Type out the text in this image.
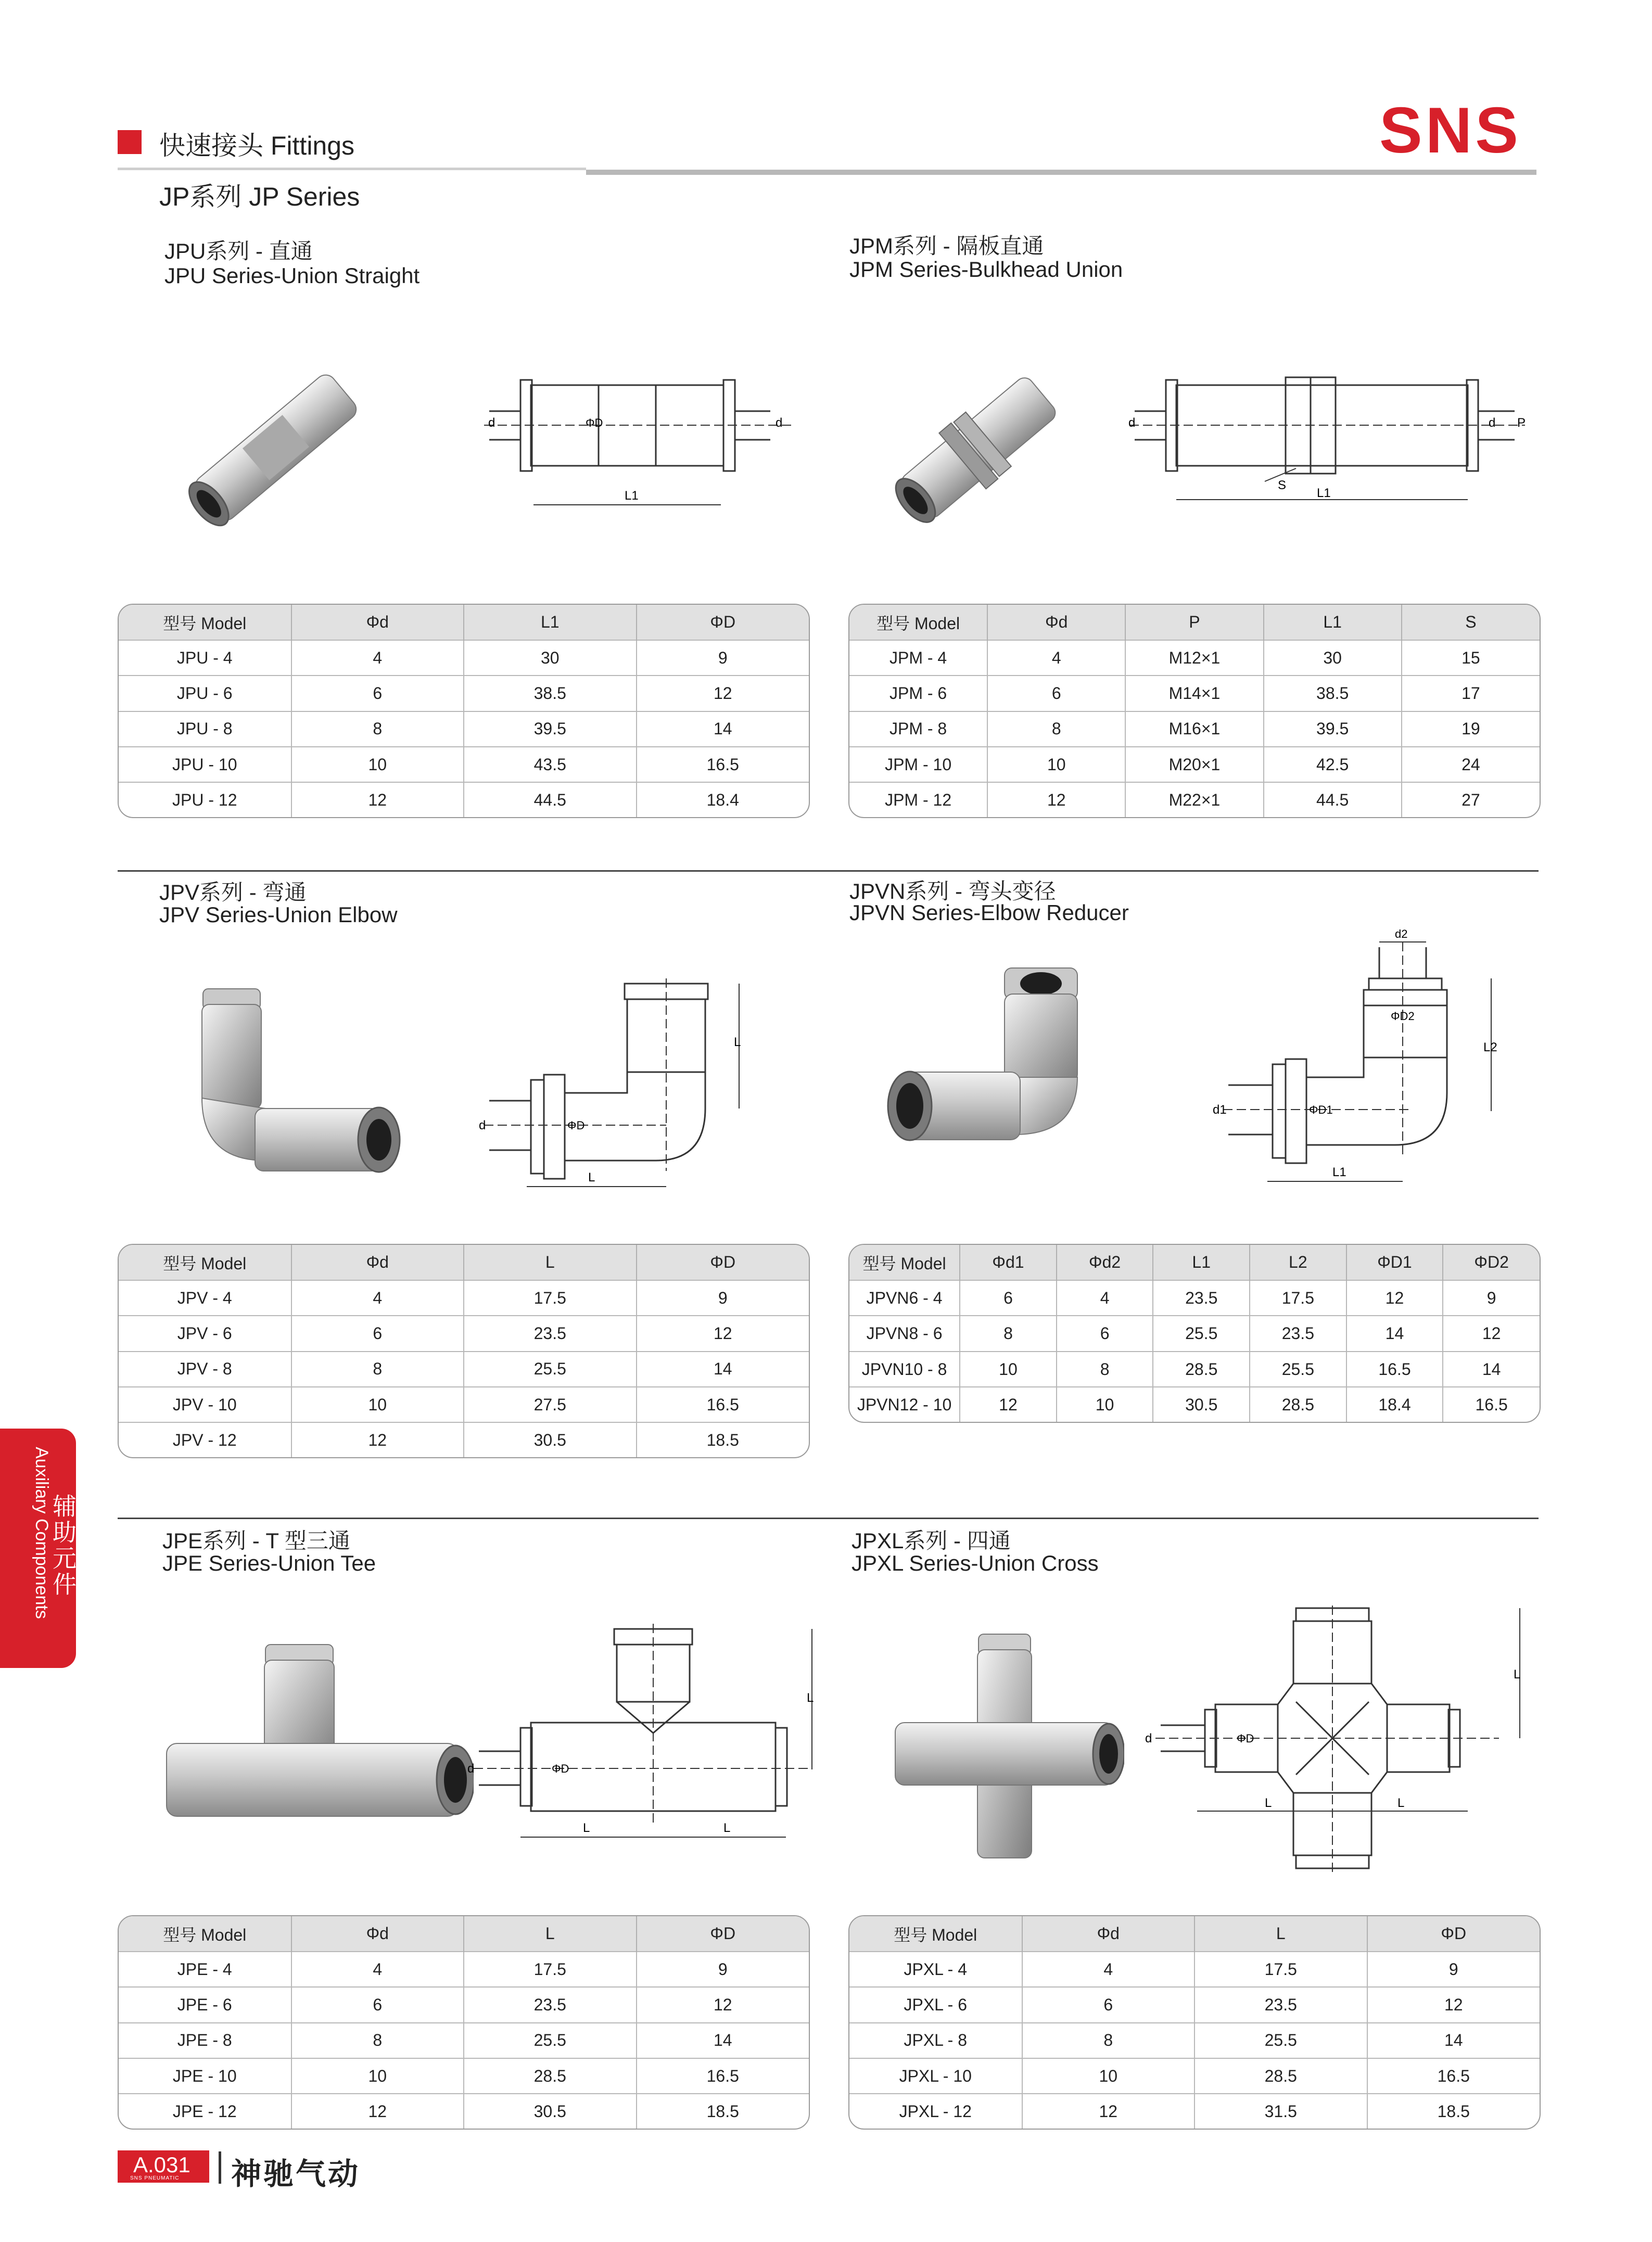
快速接头 Fittings
JP系列 JP Series
SNS
JPU系列 - 直通
JPU Series-Union Straight
d	d
ΦD
L1
型号 Model	Φd	L1	ΦD
JPU - 4	4	30	9
JPU - 6	6	38.5	12
JPU - 8	8	39.5	14
JPU - 10	10	43.5	16.5
JPU - 12	12	44.5	18.4
JPM系列 - 隔板直通
JPM Series-Bulkhead Union
d	d P
S
L1
型号 Model	Φd	P	L1	S
JPM - 4	4	M12×1	30	15
JPM - 6	6	M14×1	38.5	17
JPM - 8	8	M16×1	39.5	19
JPM - 10	10	M20×1	42.5	24
JPM - 12	12	M22×1	44.5	27
JPV系列 - 弯通
JPV Series-Union Elbow
d	ΦD
L
L
型号 Model	Φd	L	ΦD
JPV - 4	4	17.5	9
JPV - 6	6	23.5	12
JPV - 8	8	25.5	14
JPV - 10	10	27.5	16.5
JPV - 12	12	30.5	18.5
JPVN系列 - 弯头变径
JPVN Series-Elbow Reducer
d2
ΦD2
L2
d1	ΦD1
L1
型号 Model	Φd1	Φd2	L1	L2	ΦD1	ΦD2
JPVN6 - 4	6	4	23.5	17.5	12	9
JPVN8 - 6	8	6	25.5	23.5	14	12
JPVN10 - 8	10	8	28.5	25.5	16.5	14
JPVN12 - 10	12	10	30.5	28.5	18.4	16.5
JPE系列 - T 型三通
JPE Series-Union Tee
d	ΦD
L
L	L
型号 Model	Φd	L	ΦD
JPE - 4	4	17.5	9
JPE - 6	6	23.5	12
JPE - 8	8	25.5	14
JPE - 10	10	28.5	16.5
JPE - 12	12	30.5	18.5
JPXL系列 - 四通
JPXL Series-Union Cross
d	ΦD
L	L
L
型号 Model	Φd	L	ΦD
JPXL - 4	4	17.5	9
JPXL - 6	6	23.5	12
JPXL - 8	8	25.5	14
JPXL - 10	10	28.5	16.5
JPXL - 12	12	31.5	18.5
Auxiliary Components
辅助元件
A.031
SNS PNEUMATIC 神驰气动
